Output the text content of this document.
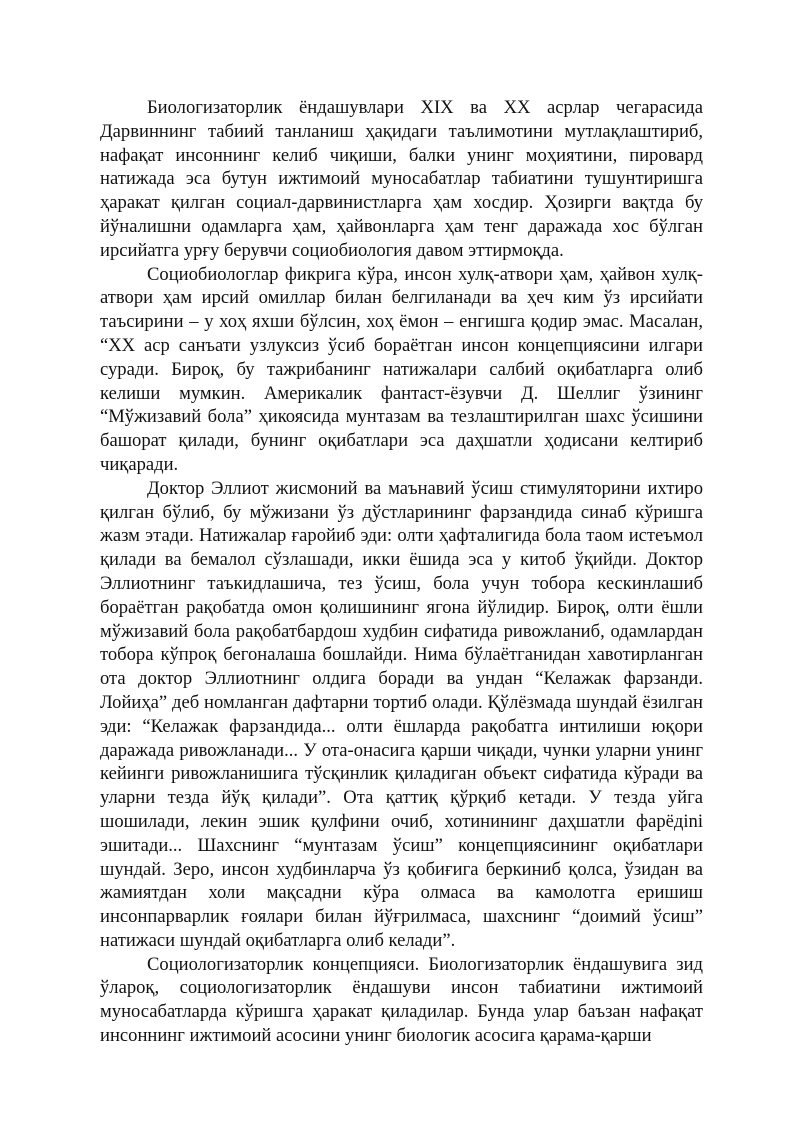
Биологизаторлик ёндашувлари XIX ва XX асрлар чегарасида Дарвиннинг табиий танланиш ҳақидаги таълимотини мутлақлаштириб, нафақат инсоннинг келиб чиқиши, балки унинг моҳиятини, пировард натижада эса бутун ижтимоий муносабатлар табиатини тушунтиришга ҳаракат қилган социал-дарвинистларга ҳам хосдир. Ҳозирги вақтда бу йўналишни одамларга ҳам, ҳайвонларга ҳам тенг даражада хос бўлган ирсийатга урғу берувчи социобиология давом эттирмоқда.

Социобиологлар фикрига кўра, инсон хулқ-атвори ҳам, ҳайвон хулқ-атвори ҳам ирсий омиллар билан белгиланади ва ҳеч ким ўз ирсийати таъсирини – у хоҳ яхши бўлсин, хоҳ ёмон – енгишга қодир эмас. Масалан, “XX аср санъати узлуксиз ўсиб бораётган инсон концепциясини илгари суради. Бироқ, бу тажрибанинг натижалари салбий оқибатларга олиб келиши мумкин. Америкалик фантаст-ёзувчи Д. Шеллиг ўзининг “Мўжизавий бола” ҳикоясида мунтазам ва тезлаштирилган шахс ўсишини башорат қилади, бунинг оқибатлари эса даҳшатли ҳодисани келтириб чиқаради.

Доктор Эллиот жисмоний ва маънавий ўсиш стимуляторини ихтиро қилган бўлиб, бу мўжизани ўз дўстларининг фарзандида синаб кўришга жазм этади. Натижалар ғаройиб эди: олти ҳафталигида бола таом истеъмол қилади ва бемалол сўзлашади, икки ёшида эса у китоб ўқийди. Доктор Эллиотнинг таъкидлашича, тез ўсиш, бола учун тобора кескинлашиб бораётган рақобатда омон қолишининг ягона йўлидир. Бироқ, олти ёшли мўжизавий бола рақобатбардош худбин сифатида ривожланиб, одамлардан тобора кўпроқ бегоналаша бошлайди. Нима бўлаётганидан хавотирланган ота доктор Эллиотнинг олдига боради ва ундан “Келажак фарзанди. Лойиҳа” деб номланган дафтарни тортиб олади. Қўлёзмада шундай ёзилган эди: “Келажак фарзандида... олти ёшларда рақобатга интилиши юқори даражада ривожланади... У ота-онасига қарши чиқади, чунки уларни унинг кейинги ривожланишига тўсқинлик қиладиган объект сифатида кўради ва уларни тезда йўқ қилади”. Ота қаттиқ қўрқиб кетади. У тезда уйга шошилади, лекин эшик қулфини очиб, хотинининг даҳшатли фарёдіni эшитади... Шахснинг “мунтазам ўсиш” концепциясининг оқибатлари шундай. Зеро, инсон худбинларча ўз қобиғига беркиниб қолса, ўзидан ва жамиятдан холи мақсадни кўра олмаса ва камолотга еришиш инсонпарварлик ғоялари билан йўғрилмаса, шахснинг “доимий ўсиш” натижаси шундай оқибатларга олиб келади”.

Социологизаторлик концепцияси. Биологизаторлик ёндашувига зид ўлароқ, социологизаторлик ёндашуви инсон табиатини ижтимоий муносабатларда кўришга ҳаракат қиладилар. Бунда улар баъзан нафақат инсоннинг ижтимоий асосини унинг биологик асосига қарама-қарши
